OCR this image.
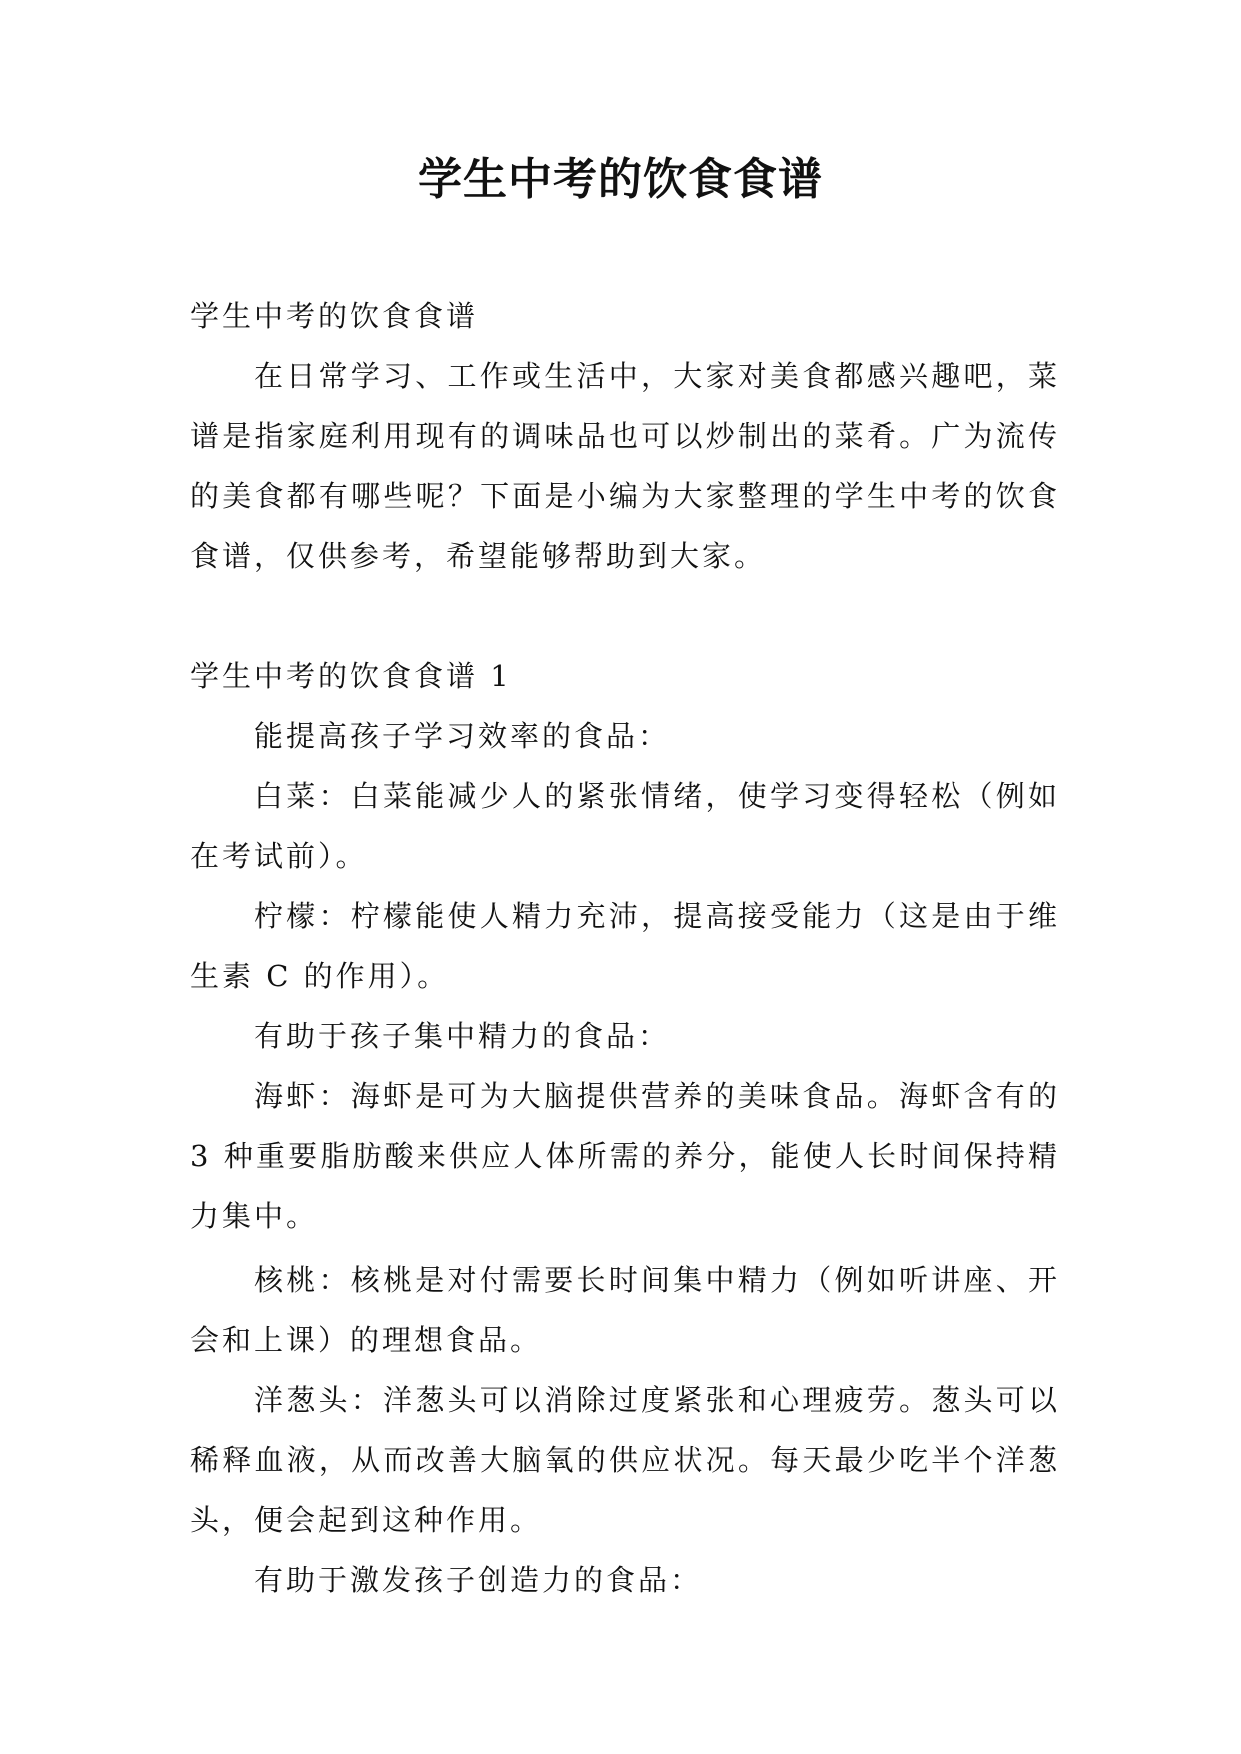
学生中考的饮食食谱

学生中考的饮食食谱

在日常学习、工作或生活中，大家对美食都感兴趣吧，菜谱是指家庭利用现有的调味品也可以炒制出的菜肴。广为流传的美食都有哪些呢？下面是小编为大家整理的学生中考的饮食食谱，仅供参考，希望能够帮助到大家。

学生中考的饮食食谱 1

能提高孩子学习效率的食品：

白菜：白菜能减少人的紧张情绪，使学习变得轻松（例如在考试前）。

柠檬：柠檬能使人精力充沛，提高接受能力（这是由于维生素 C 的作用）。

有助于孩子集中精力的食品：

海虾：海虾是可为大脑提供营养的美味食品。海虾含有的 3 种重要脂肪酸来供应人体所需的养分，能使人长时间保持精力集中。

核桃：核桃是对付需要长时间集中精力（例如听讲座、开会和上课）的理想食品。

洋葱头：洋葱头可以消除过度紧张和心理疲劳。葱头可以稀释血液，从而改善大脑氧的供应状况。每天最少吃半个洋葱头，便会起到这种作用。

有助于激发孩子创造力的食品：
